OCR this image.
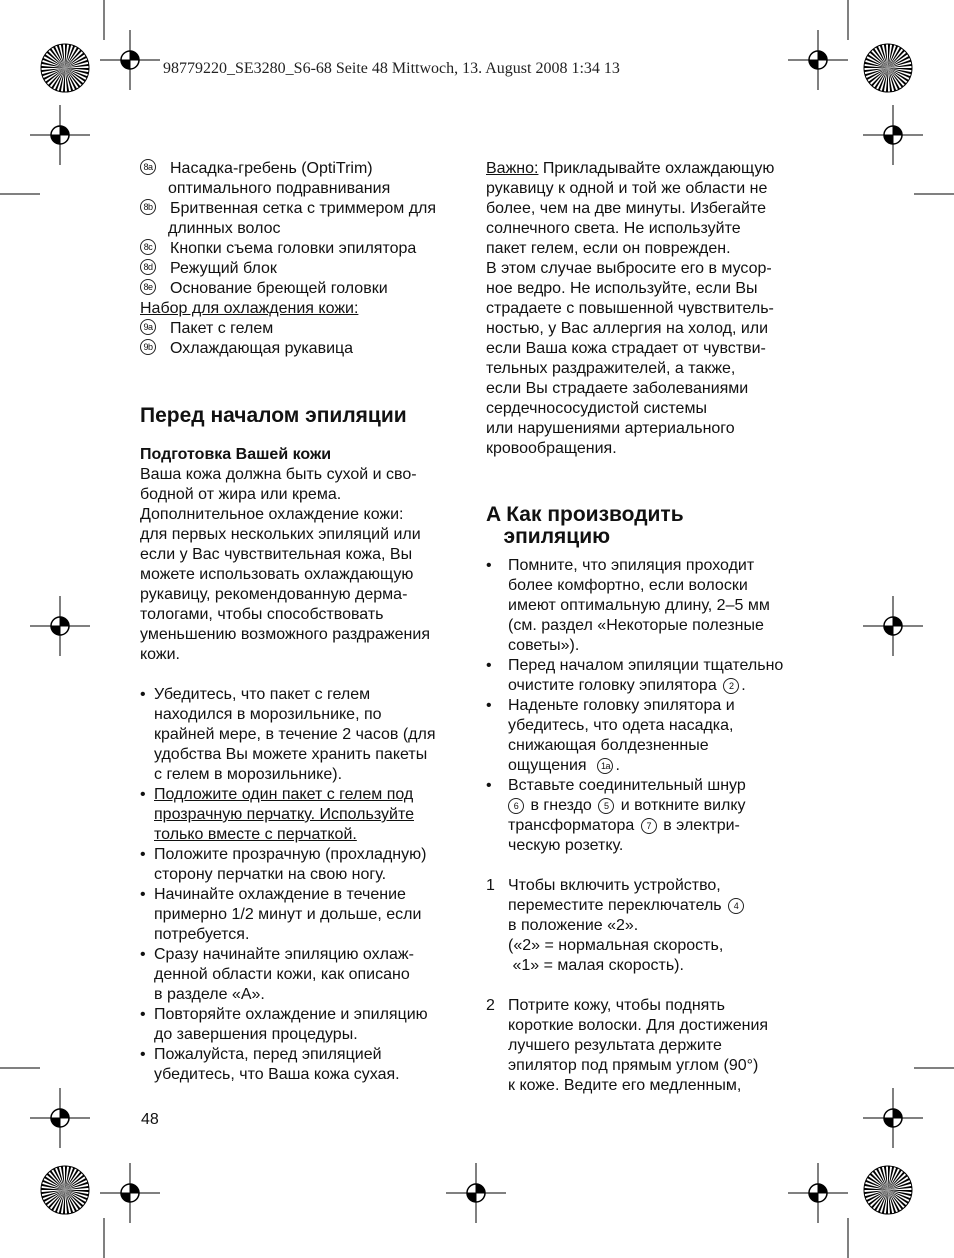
98779220_SE3280_S6-68 Seite 48 Mittwoch, 13. August 2008 1:34 13
8a Насадка-гребень (OptiTrim)
оптимального подравнивания
8b Бритвенная сетка с триммером для
длинных волос
8c Кнопки съема головки эпилятора
8d Режущий блок
8e Основание бреющей головки
Набор для охлаждения кожи:
9a Пакет с гелем
9b Охлаждающая рукавица
Перед началом эпиляции
Подготовка Вашей кожи
Ваша кожа должна быть сухой и сво-
бодной от жира или крема.
Дополнительное охлаждение кожи:
для первых нескольких эпиляций или
если у Вас чувствительная кожа, Вы
можете использовать охлаждающую
рукавицу, рекомендованную дерма-
тологами, чтобы способствовать
уменьшению возможного раздражения
кожи.
• Убедитесь, что пакет с гелем
находился в морозильнике, по
крайней мере, в течение 2 часов (для
удобства Вы можете хранить пакеты
с гелем в морозильнике).
• Подложите один пакет с гелем под
прозрачную перчатку. Используйте
только вместе с перчаткой.
• Положите прозрачную (прохладную)
сторону перчатки на свою ногу.
• Начинайте охлаждение в течение
примерно 1/2 минут и дольше, если
потребуется.
• Сразу начинайте эпиляцию охлаж-
денной области кожи, как описано
в разделе «А».
• Повторяйте охлаждение и эпиляцию
до завершения процедуры.
• Пожалуйста, перед эпиляцией
убедитесь, что Ваша кожа сухая.
Важно: Прикладывайте охлаждающую
рукавицу к одной и той же области не
более, чем на две минуты. Избегайте
солнечного света. Не используйте
пакет гелем, если он поврежден.
В этом случае выбросите его в мусор-
ное ведро. Не используйте, если Вы
страдаете с повышенной чувствитель-
ностью, у Вас аллергия на холод, или
если Ваша кожа страдает от чувстви-
тельных раздражителей, а также,
если Вы страдаете заболеваниями
сердечнососудистой системы
или нарушениями артериального
кровообращения.
A Как производить
эпиляцию
• Помните, что эпиляция проходит
более комфортно, если волоски
имеют оптимальную длину, 2–5 мм
(см. раздел «Некоторые полезные
советы»).
• Перед началом эпиляции тщательно
очистите головку эпилятора 2 .
• Наденьте головку эпилятора и
убедитесь, что одета насадка,
снижающая болдезненные
ощущения  1a .
• Вставьте соединительный шнур
6 в гнездо 5 и воткните вилку
трансформатора 7 в электри-
ческую розетку.
1 Чтобы включить устройство,
переместите переключатель 4
в положение «2».
(«2» = нормальная скорость,
«1» = малая скорость).
2 Потрите кожу, чтобы поднять
короткие волоски. Для достижения
лучшего результата держите
эпилятор под прямым углом (90°)
к коже. Ведите его медленным,
48
